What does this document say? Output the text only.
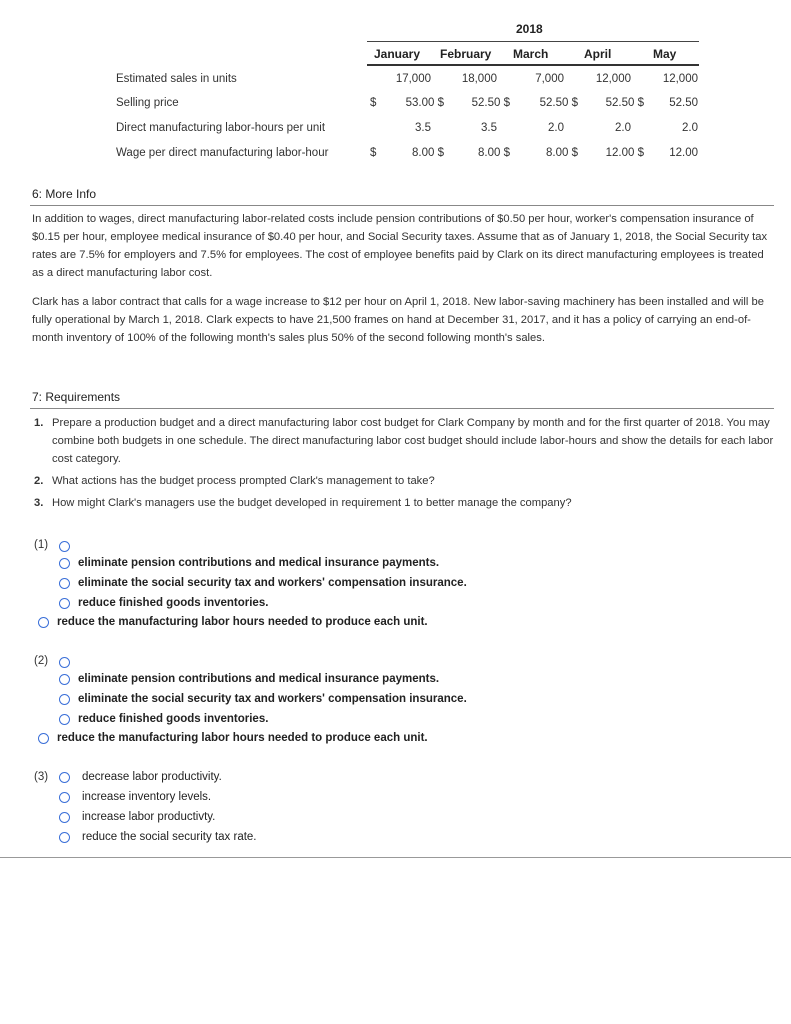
2018
January February March	April	May
Estimated sales in units	17,000	18,000	7,000	12,000	12,000
Selling price	$	53.00 $ 52.50 $	52.50 $ 52.50 $ 52.50
Direct manufacturing labor-hours per unit	3.5	3.5	2.0	2.0	2.0
Wage per direct manufacturing labor-hour	$	8.00 $	8.00 $	8.00 $ 12.00 $ 12.00
6: More Info
In addition to wages, direct manufacturing labor-related costs include pension contributions of $0.50 per hour, worker's compensation insurance of $0.15 per hour, employee medical insurance of $0.40 per hour, and Social Security taxes. Assume that as of January 1, 2018, the Social Security tax rates are 7.5% for employers and 7.5% for employees. The cost of employee benefits paid by Clark on its direct manufacturing employees is treated as a direct manufacturing labor cost.
Clark has a labor contract that calls for a wage increase to $12 per hour on April 1, 2018. New labor-saving machinery has been installed and will be fully operational by March 1, 2018. Clark expects to have 21,500 frames on hand at December 31, 2017, and it has a policy of carrying an end-of-month inventory of 100% of the following month's sales plus 50% of the second following month's sales.
7: Requirements
1. Prepare a production budget and a direct manufacturing labor cost budget for Clark Company by month and for the first quarter of 2018. You may combine both budgets in one schedule. The direct manufacturing labor cost budget should include labor-hours and show the details for each labor cost category.
2. What actions has the budget process prompted Clark's management to take?
3. How might Clark's managers use the budget developed in requirement 1 to better manage the company?
(1)
eliminate pension contributions and medical insurance payments.
eliminate the social security tax and workers' compensation insurance.
reduce finished goods inventories.
reduce the manufacturing labor hours needed to produce each unit.
(2)
eliminate pension contributions and medical insurance payments.
eliminate the social security tax and workers' compensation insurance.
reduce finished goods inventories.
reduce the manufacturing labor hours needed to produce each unit.
(3)	decrease labor productivity.
increase inventory levels.
increase labor productivty.
reduce the social security tax rate.
